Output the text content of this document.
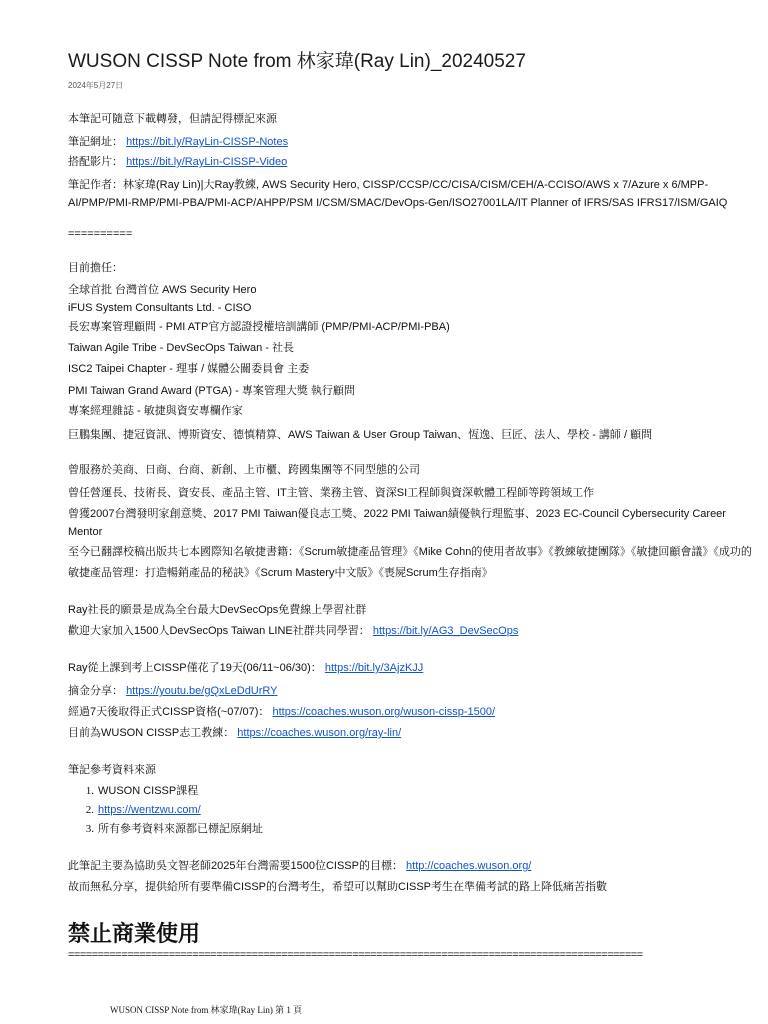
WUSON CISSP Note from 林家瑋(Ray Lin)_20240527
2024年5月27日
本筆記可隨意下載轉發，但請記得標記來源
筆記網址： https://bit.ly/RayLin-CISSP-Notes
搭配影片： https://bit.ly/RayLin-CISSP-Video
筆記作者：林家瑋(Ray Lin)|大Ray教練, AWS Security Hero, CISSP/CCSP/CC/CISA/CISM/CEH/A-CCISO/AWS x 7/Azure x 6/MPP-AI/PMP/PMI-RMP/PMI-PBA/PMI-ACP/AHPP/PSM I/CSM/SMAC/DevOps-Gen/ISO27001LA/IT Planner of IFRS/SAS IFRS17/ISM/GAIQ
==========
目前擔任：
全球首批 台灣首位 AWS Security Hero
iFUS System Consultants Ltd. - CISO
長宏專案管理顧問 - PMI ATP官方認證授權培訓講師 (PMP/PMI-ACP/PMI-PBA)
Taiwan Agile Tribe - DevSecOps Taiwan - 社長
ISC2 Taipei Chapter - 理事 / 媒體公關委員會 主委
PMI Taiwan Grand Award (PTGA) - 專案管理大獎 執行顧問
專案經理雜誌 - 敏捷與資安專欄作家
巨鵬集團、捷冠資訊、博斯資安、德慎精算、AWS Taiwan & User Group Taiwan、恆逸、巨匠、法人、學校 - 講師 / 顧問
曾服務於美商、日商、台商、新創、上市櫃、跨國集團等不同型態的公司
曾任營運長、技術長、資安長、產品主管、IT主管、業務主管、資深SI工程師與資深軟體工程師等跨領域工作
曾獲2007台灣發明家創意獎、2017 PMI Taiwan優良志工獎、2022 PMI Taiwan績優執行理監事、2023 EC-Council Cybersecurity Career Mentor
至今已翻譯校稿出版共七本國際知名敏捷書籍：《Scrum敏捷產品管理》《Mike Cohn的使用者故事》《教練敏捷團隊》《敏捷回顧會議》《成功的敏捷產品管理：打造暢銷產品的秘訣》《Scrum Mastery中文版》《喪屍Scrum生存指南》
Ray社長的願景是成為全台最大DevSecOps免費線上學習社群
歡迎大家加入1500人DevSecOps Taiwan LINE社群共同學習： https://bit.ly/AG3_DevSecOps
Ray從上課到考上CISSP僅花了19天(06/11~06/30)： https://bit.ly/3AjzKJJ
摘金分享： https://youtu.be/gQxLeDdUrRY
經過7天後取得正式CISSP資格(~07/07)： https://coaches.wuson.org/wuson-cissp-1500/
目前為WUSON CISSP志工教練： https://coaches.wuson.org/ray-lin/
筆記參考資料來源
1. WUSON CISSP課程
2. https://wentzwu.com/
3. 所有參考資料來源都已標記原網址
此筆記主要為協助吳文智老師2025年台灣需要1500位CISSP的目標： http://coaches.wuson.org/
故而無私分享，提供給所有要準備CISSP的台灣考生，希望可以幫助CISSP考生在準備考試的路上降低痛苦指數
禁止商業使用
=================================================================================================
WUSON CISSP Note from 林家瑋(Ray Lin) 第 1 頁
